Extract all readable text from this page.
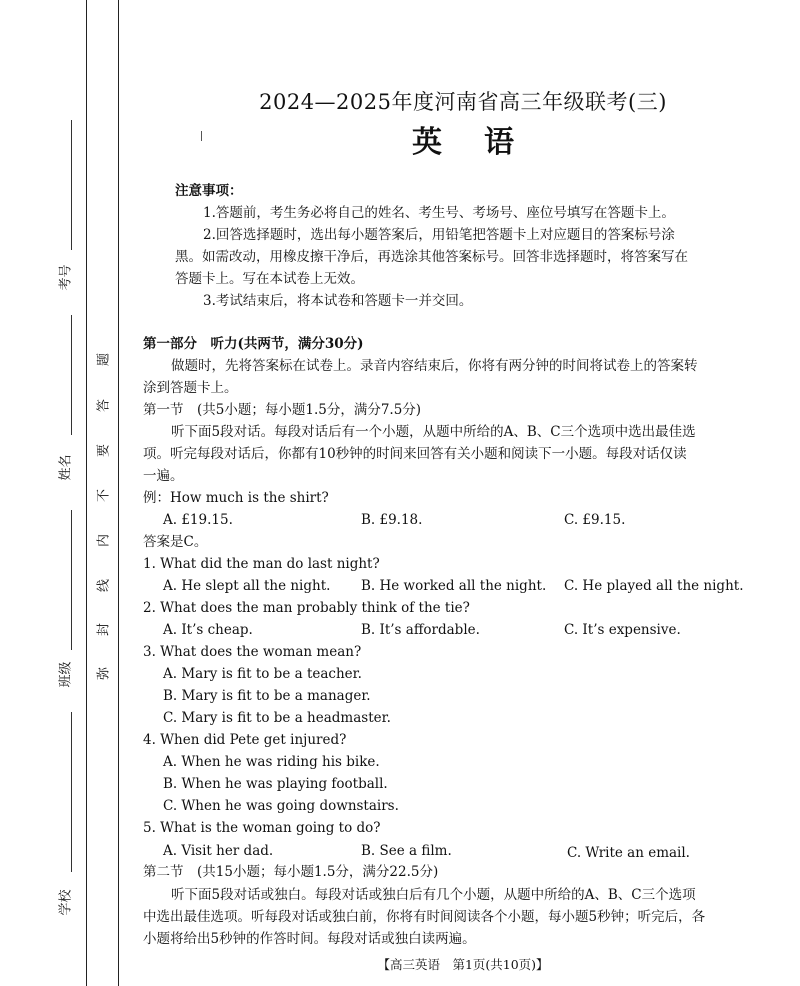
考号
姓名
班级
学校
弥
封
线
内
不
要
答
题
2024—2025年度河南省高三年级联考(三)
英语
注意事项：
1.答题前，考生务必将自己的姓名、考生号、考场号、座位号填写在答题卡上。
2.回答选择题时，选出每小题答案后，用铅笔把答题卡上对应题目的答案标号涂
黑。如需改动，用橡皮擦干净后，再选涂其他答案标号。回答非选择题时，将答案写在
答题卡上。写在本试卷上无效。
3.考试结束后，将本试卷和答题卡一并交回。
第一部分　听力(共两节，满分30分)
做题时，先将答案标在试卷上。录音内容结束后，你将有两分钟的时间将试卷上的答案转
涂到答题卡上。
第一节　(共5小题；每小题1.5分，满分7.5分)
听下面5段对话。每段对话后有一个小题，从题中所给的A、B、C三个选项中选出最佳选
项。听完每段对话后，你都有10秒钟的时间来回答有关小题和阅读下一小题。每段对话仅读
一遍。
例：How much is the shirt?
A. £19.15.	B. £9.18.	C. £9.15.
答案是C。
1. What did the man do last night?
A. He slept all the night. B. He worked all the night. C. He played all the night.
2. What does the man probably think of the tie?
A. It’s cheap.	B. It’s affordable.	C. It’s expensive.
3. What does the woman mean?
A. Mary is fit to be a teacher.
B. Mary is fit to be a manager.
C. Mary is fit to be a headmaster.
4. When did Pete get injured?
A. When he was riding his bike.
B. When he was playing football.
C. When he was going downstairs.
5. What is the woman going to do?
A. Visit her dad.	B. See a film.	C. Write an email.
第二节　(共15小题；每小题1.5分，满分22.5分)
听下面5段对话或独白。每段对话或独白后有几个小题，从题中所给的A、B、C三个选项
中选出最佳选项。听每段对话或独白前，你将有时间阅读各个小题，每小题5秒钟；听完后，各
小题将给出5秒钟的作答时间。每段对话或独白读两遍。
【高三英语　第1页(共10页)】
